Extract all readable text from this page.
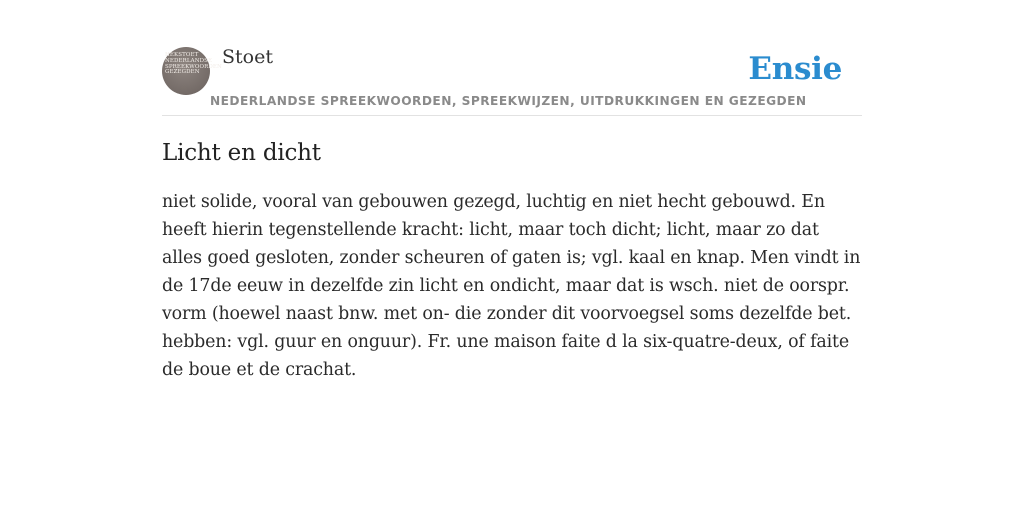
HEKSTOET
NEDERLANDSE
SPREEKWOORDEN
GEZEGDEN
Stoet	Ensie
NEDERLANDSE SPREEKWOORDEN, SPREEKWIJZEN, UITDRUKKINGEN EN GEZEGDEN
Licht en dicht

niet solide, vooral van gebouwen gezegd, luchtig en niet hecht gebouwd. En heeft hierin tegenstellende kracht: licht, maar toch dicht; licht, maar zo dat alles goed gesloten, zonder scheuren of gaten is; vgl. kaal en knap. Men vindt in de 17de eeuw in dezelfde zin licht en ondicht, maar dat is wsch. niet de oorspr. vorm (hoewel naast bnw. met on- die zonder dit voorvoegsel soms dezelfde bet. hebben: vgl. guur en onguur). Fr. une maison faite d la six-quatre-deux, of faite de boue et de crachat.
